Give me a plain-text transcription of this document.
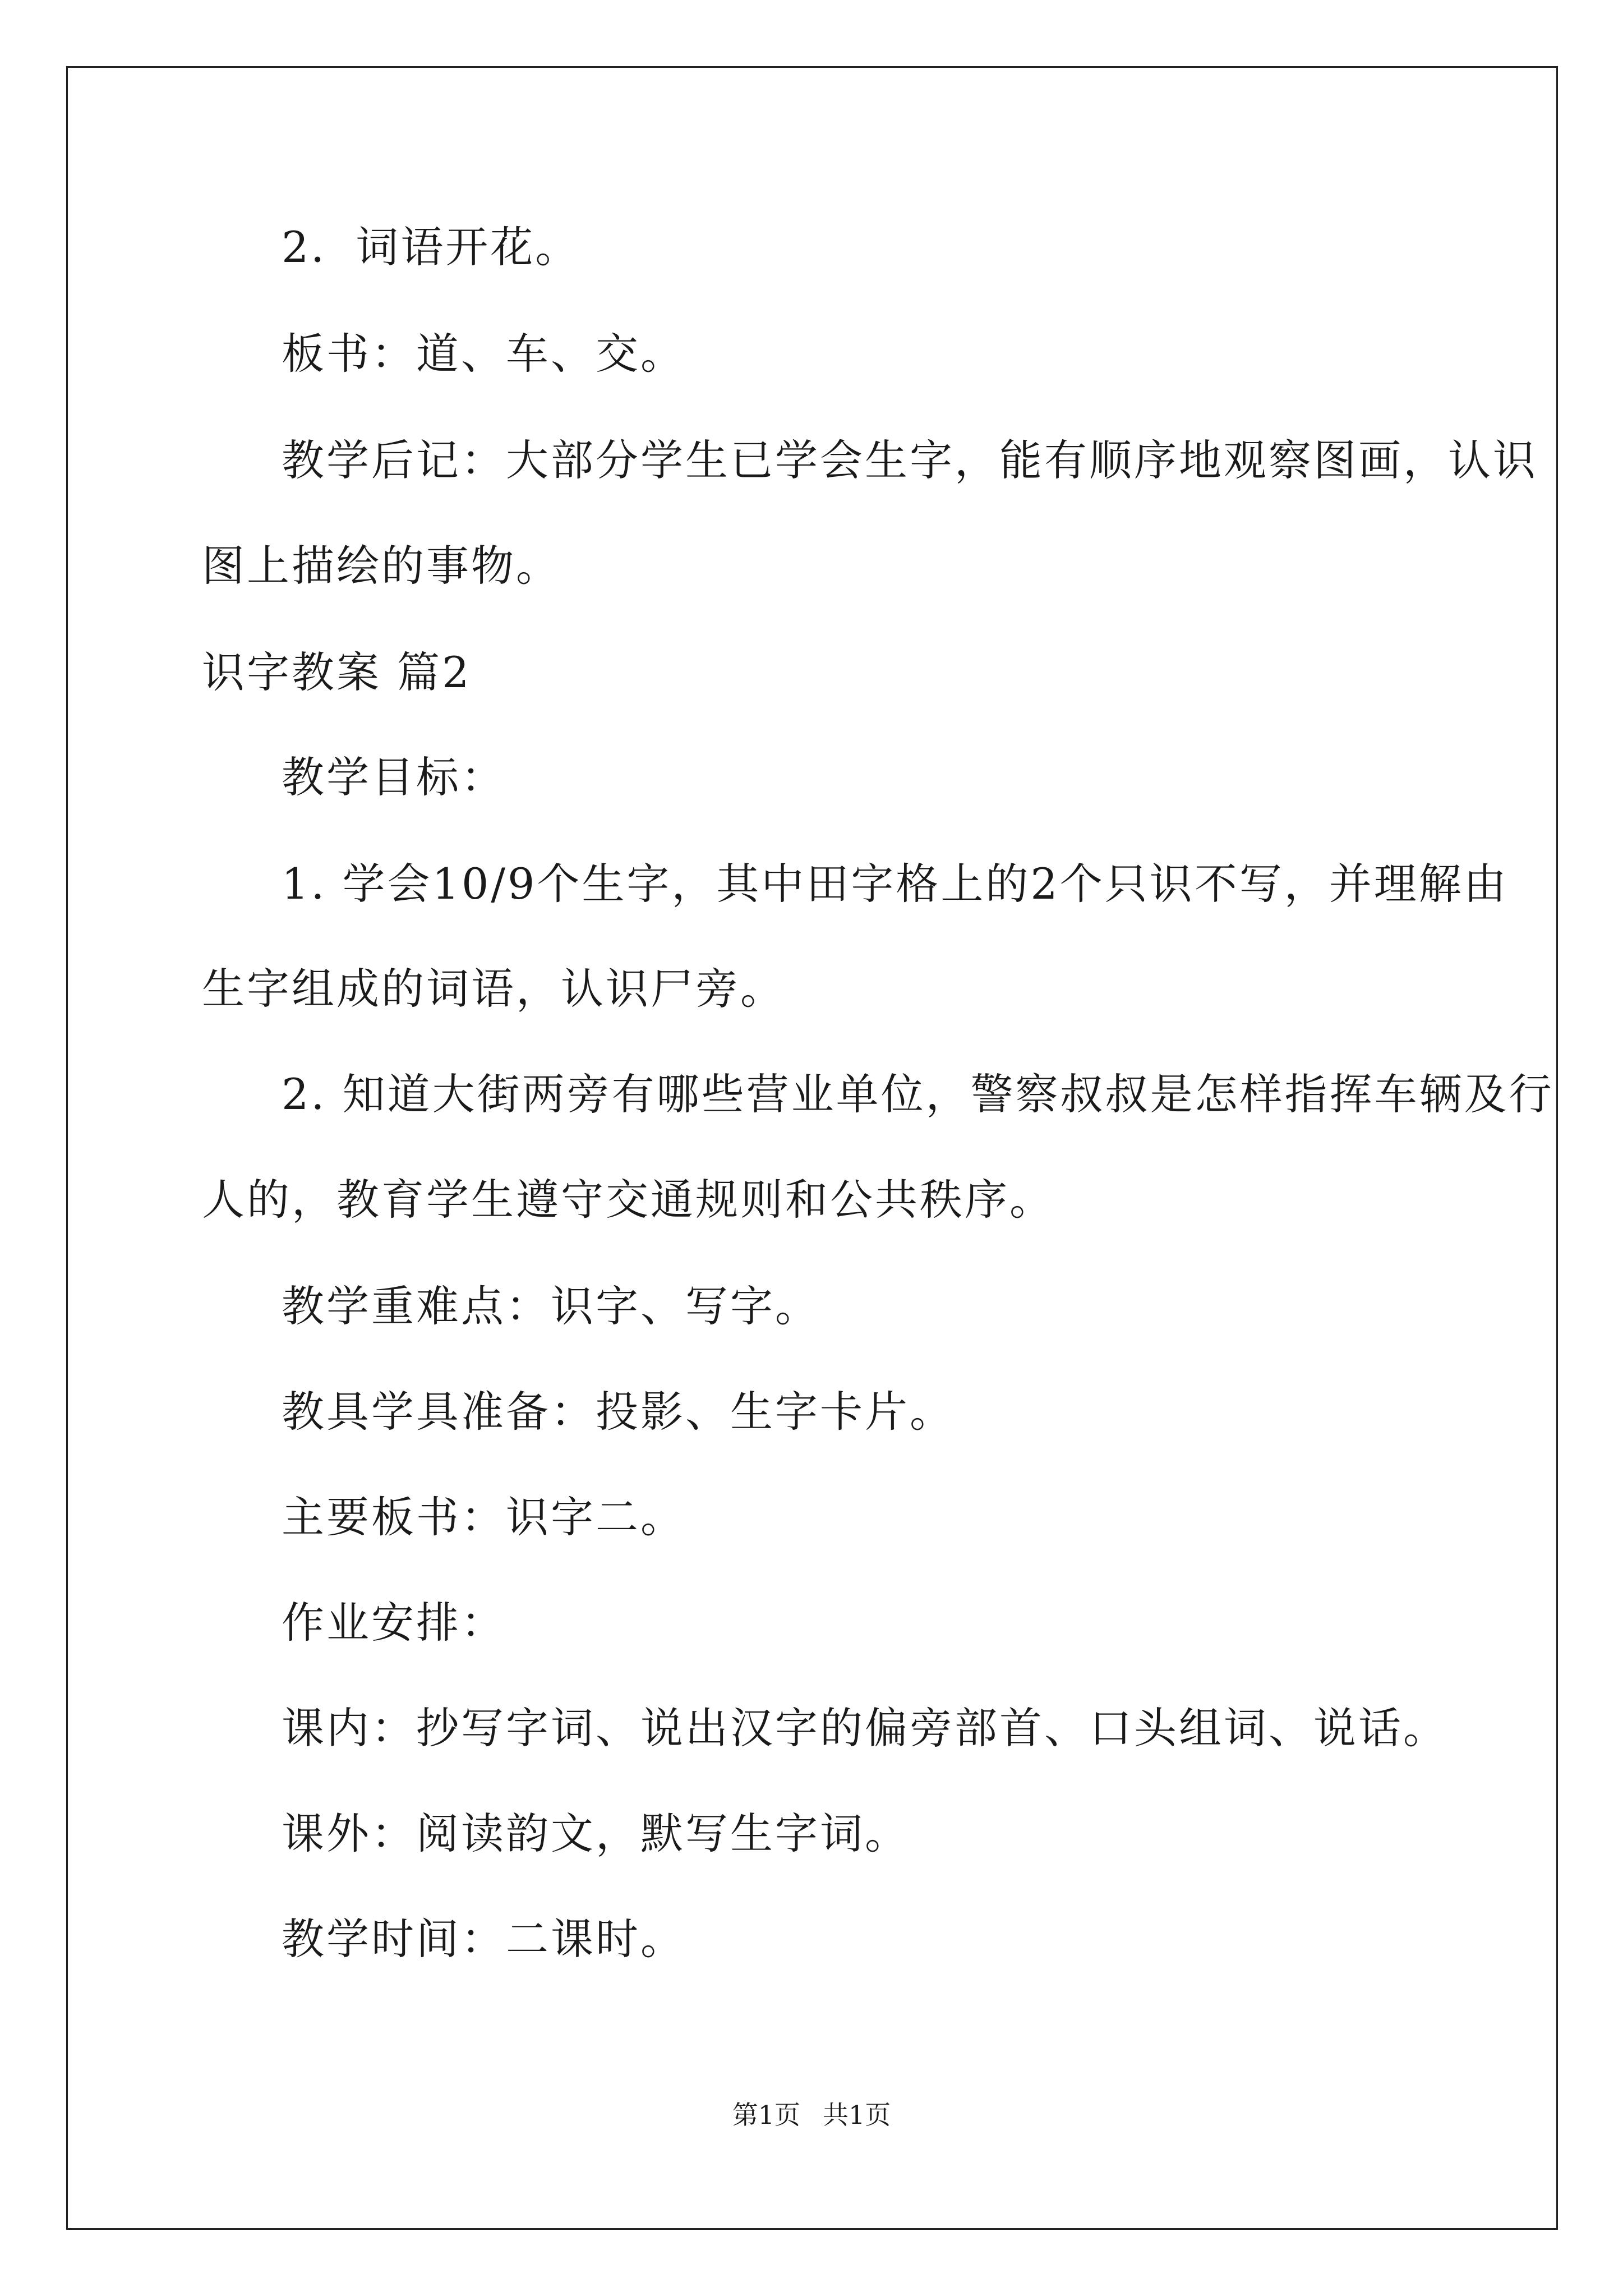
2．词语开花。
板书：道、车、交。
教学后记：大部分学生已学会生字，能有顺序地观察图画，认识
图上描绘的事物。
识字教案 篇2
教学目标：
1. 学会10/9个生字，其中田字格上的2个只识不写，并理解由
生字组成的词语，认识尸旁。
2. 知道大街两旁有哪些营业单位，警察叔叔是怎样指挥车辆及行
人的，教育学生遵守交通规则和公共秩序。
教学重难点：识字、写字。
教具学具准备：投影、生字卡片。
主要板书：识字二。
作业安排：
课内：抄写字词、说出汉字的偏旁部首、口头组词、说话。
课外：阅读韵文，默写生字词。
教学时间：二课时。
第1页 共1页
